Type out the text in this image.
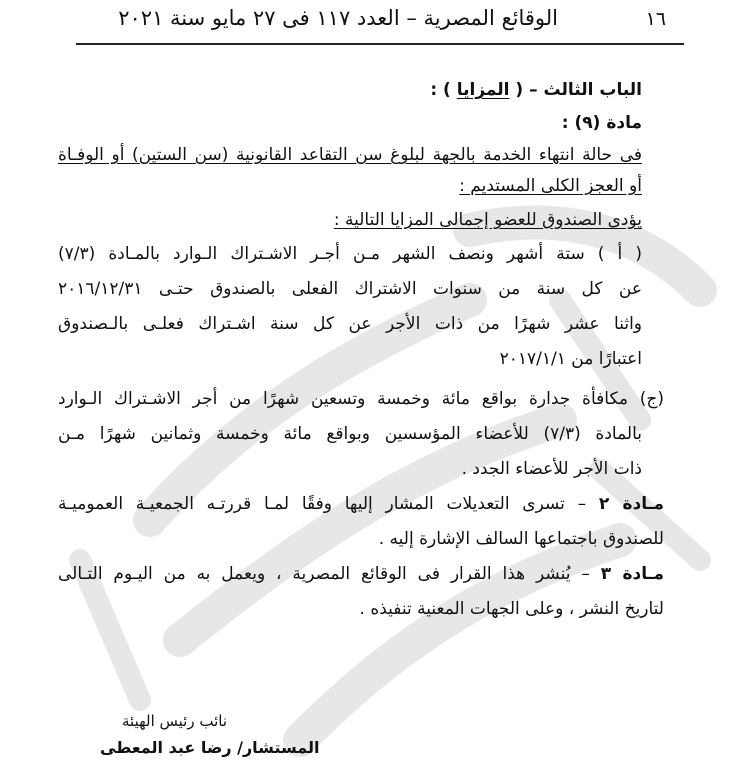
١٦
الوقائع المصرية – العدد ١١٧ فى ٢٧ مايو سنة ٢٠٢١
الباب الثالث – ( المزايا ) :
مادة (٩) :
فى حالة انتهاء الخدمة بالجهة لبلوغ سن التقاعد القانونية (سن الستين) أو الوفـاة
أو العجز الكلى المستديم :
يؤدى الصندوق للعضو إجمالى المزايا التالية :
( أ ) ستة أشهر ونصف الشهر مـن أجـر الاشـتراك الـوارد بالمـادة (٧/٣)
عن كل سنة من سنوات الاشتراك الفعلى بالصندوق حتـى ٢٠١٦/١٢/٣١
واثنا عشر شهرًا من ذات الأجر عن كل سنة اشـتراك فعلـى بالـصندوق
اعتبارًا من ٢٠١٧/١/١
(ج) مكافأة جدارة بواقع مائة وخمسة وتسعين شهرًا من أجر الاشـتراك الـوارد
بالمادة (٧/٣) للأعضاء المؤسسين وبواقع مائة وخمسة وثمانين شهرًا مـن
ذات الأجر للأعضاء الجدد .
مـادة ٢ – تسرى التعديلات المشار إليها وفقًا لمـا قررتـه الجمعيـة العموميـة
للصندوق باجتماعها السالف الإشارة إليه .
مـادة ٣ – يُنشر هذا القرار فى الوقائع المصرية ، ويعمل به من اليـوم التـالى
لتاريخ النشر ، وعلى الجهات المعنية تنفيذه .
نائب رئيس الهيئة
المستشار/ رضا عبد المعطى
